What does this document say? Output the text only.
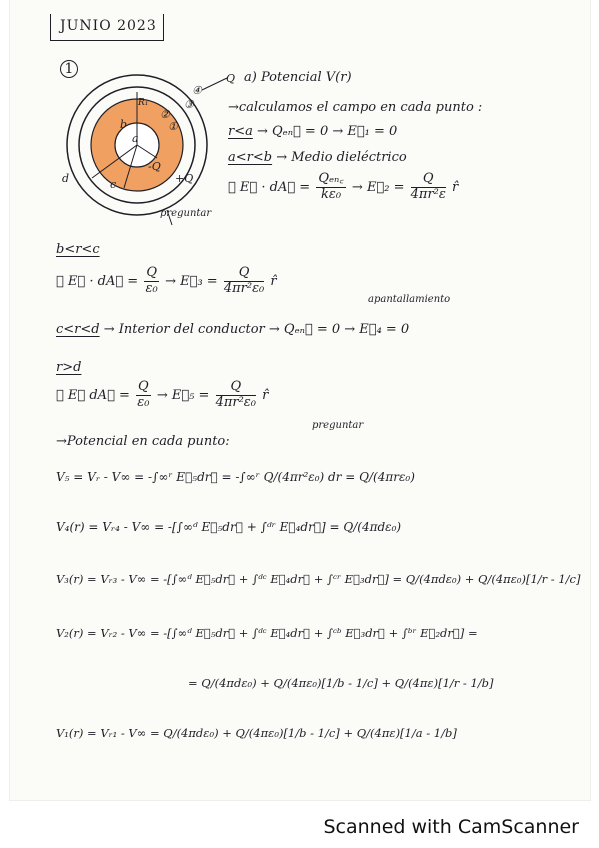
JUNIO 2023
1
Q
a
b
c
d
R₁
+Q
-Q
①
②
③
④
preguntar
a) Potencial V(r)
→calculamos el campo en cada punto :
r<a → Qₑₙ꜀ = 0 → E⃗₁ = 0
a<r<b → Medio dieléctrico
∮ E⃗ · dA⃗ = $\frac{\text{Qₑₙ꜀}}{\text{kε₀}}$ → E⃗₂ = $\frac{Q}{\text{4πr²ε}}$ r̂
b<r<c
∮ E⃗ · dA⃗ = $\frac{Q}{\text{ε₀}}$ → E⃗₃ = $\frac{Q}{\text{4πr²ε₀}}$ r̂
apantallamiento
c<r<d → Interior del conductor → Qₑₙ꜀ = 0 → E⃗₄ = 0
r>d
∮ E⃗ dA⃗ = $\frac{Q}{\text{ε₀}}$ → E⃗₅ = $\frac{Q}{\text{4πr²ε₀}}$ r̂
→Potencial en cada punto:
preguntar
V₅ = Vᵣ - V∞ = -∫∞ʳ E⃗₅dr⃗ = -∫∞ʳ Q/(4πr²ε₀) dr = Q/(4πrε₀)
V₄(r) = Vᵣ₄ - V∞ = -[∫∞ᵈ E⃗₅dr⃗ + ∫ᵈʳ E⃗₄dr⃗] = Q/(4πdε₀)
V₃(r) = Vᵣ₃ - V∞ = -[∫∞ᵈ E⃗₅dr⃗ + ∫ᵈᶜ E⃗₄dr⃗ + ∫ᶜʳ E⃗₃dr⃗] = Q/(4πdε₀) + Q/(4πε₀)[1/r - 1/c]
V₂(r) = Vᵣ₂ - V∞ = -[∫∞ᵈ E⃗₅dr⃗ + ∫ᵈᶜ E⃗₄dr⃗ + ∫ᶜᵇ E⃗₃dr⃗ + ∫ᵇʳ E⃗₂dr⃗] =
= Q/(4πdε₀) + Q/(4πε₀)[1/b - 1/c] + Q/(4πε)[1/r - 1/b]
V₁(r) = Vᵣ₁ - V∞ = Q/(4πdε₀) + Q/(4πε₀)[1/b - 1/c] + Q/(4πε)[1/a - 1/b]
Scanned with CamScanner
